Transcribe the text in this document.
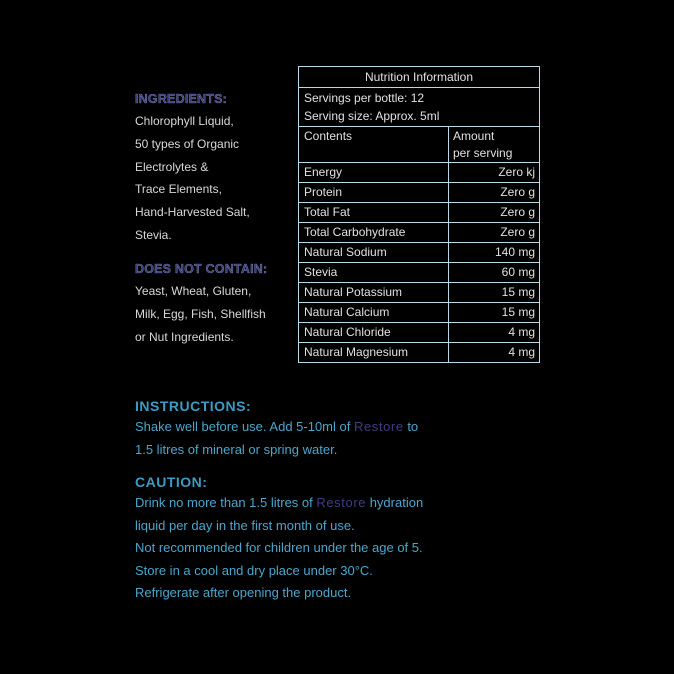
INGREDIENTS:
Chlorophyll Liquid,
50 types of Organic
Electrolytes &
Trace Elements,
Hand-Harvested Salt,
Stevia.
DOES NOT CONTAIN:
Yeast, Wheat, Gluten,
Milk, Egg, Fish, Shellfish
or Nut Ingredients.
Nutrition Information
Servings per bottle: 12
Serving size: Approx. 5ml
Contents	Amount
per serving
Energy	Zero kj
Protein	Zero g
Total Fat	Zero g
Total Carbohydrate	Zero g
Natural Sodium	140 mg
Stevia	60 mg
Natural Potassium	15 mg
Natural Calcium	15 mg
Natural Chloride	4 mg
Natural Magnesium	4 mg
INSTRUCTIONS:
Shake well before use. Add 5-10ml of Restore to
1.5 litres of mineral or spring water.
CAUTION:
Drink no more than 1.5 litres of Restore hydration
liquid per day in the first month of use.
Not recommended for children under the age of 5.
Store in a cool and dry place under 30°C.
Refrigerate after opening the product.
